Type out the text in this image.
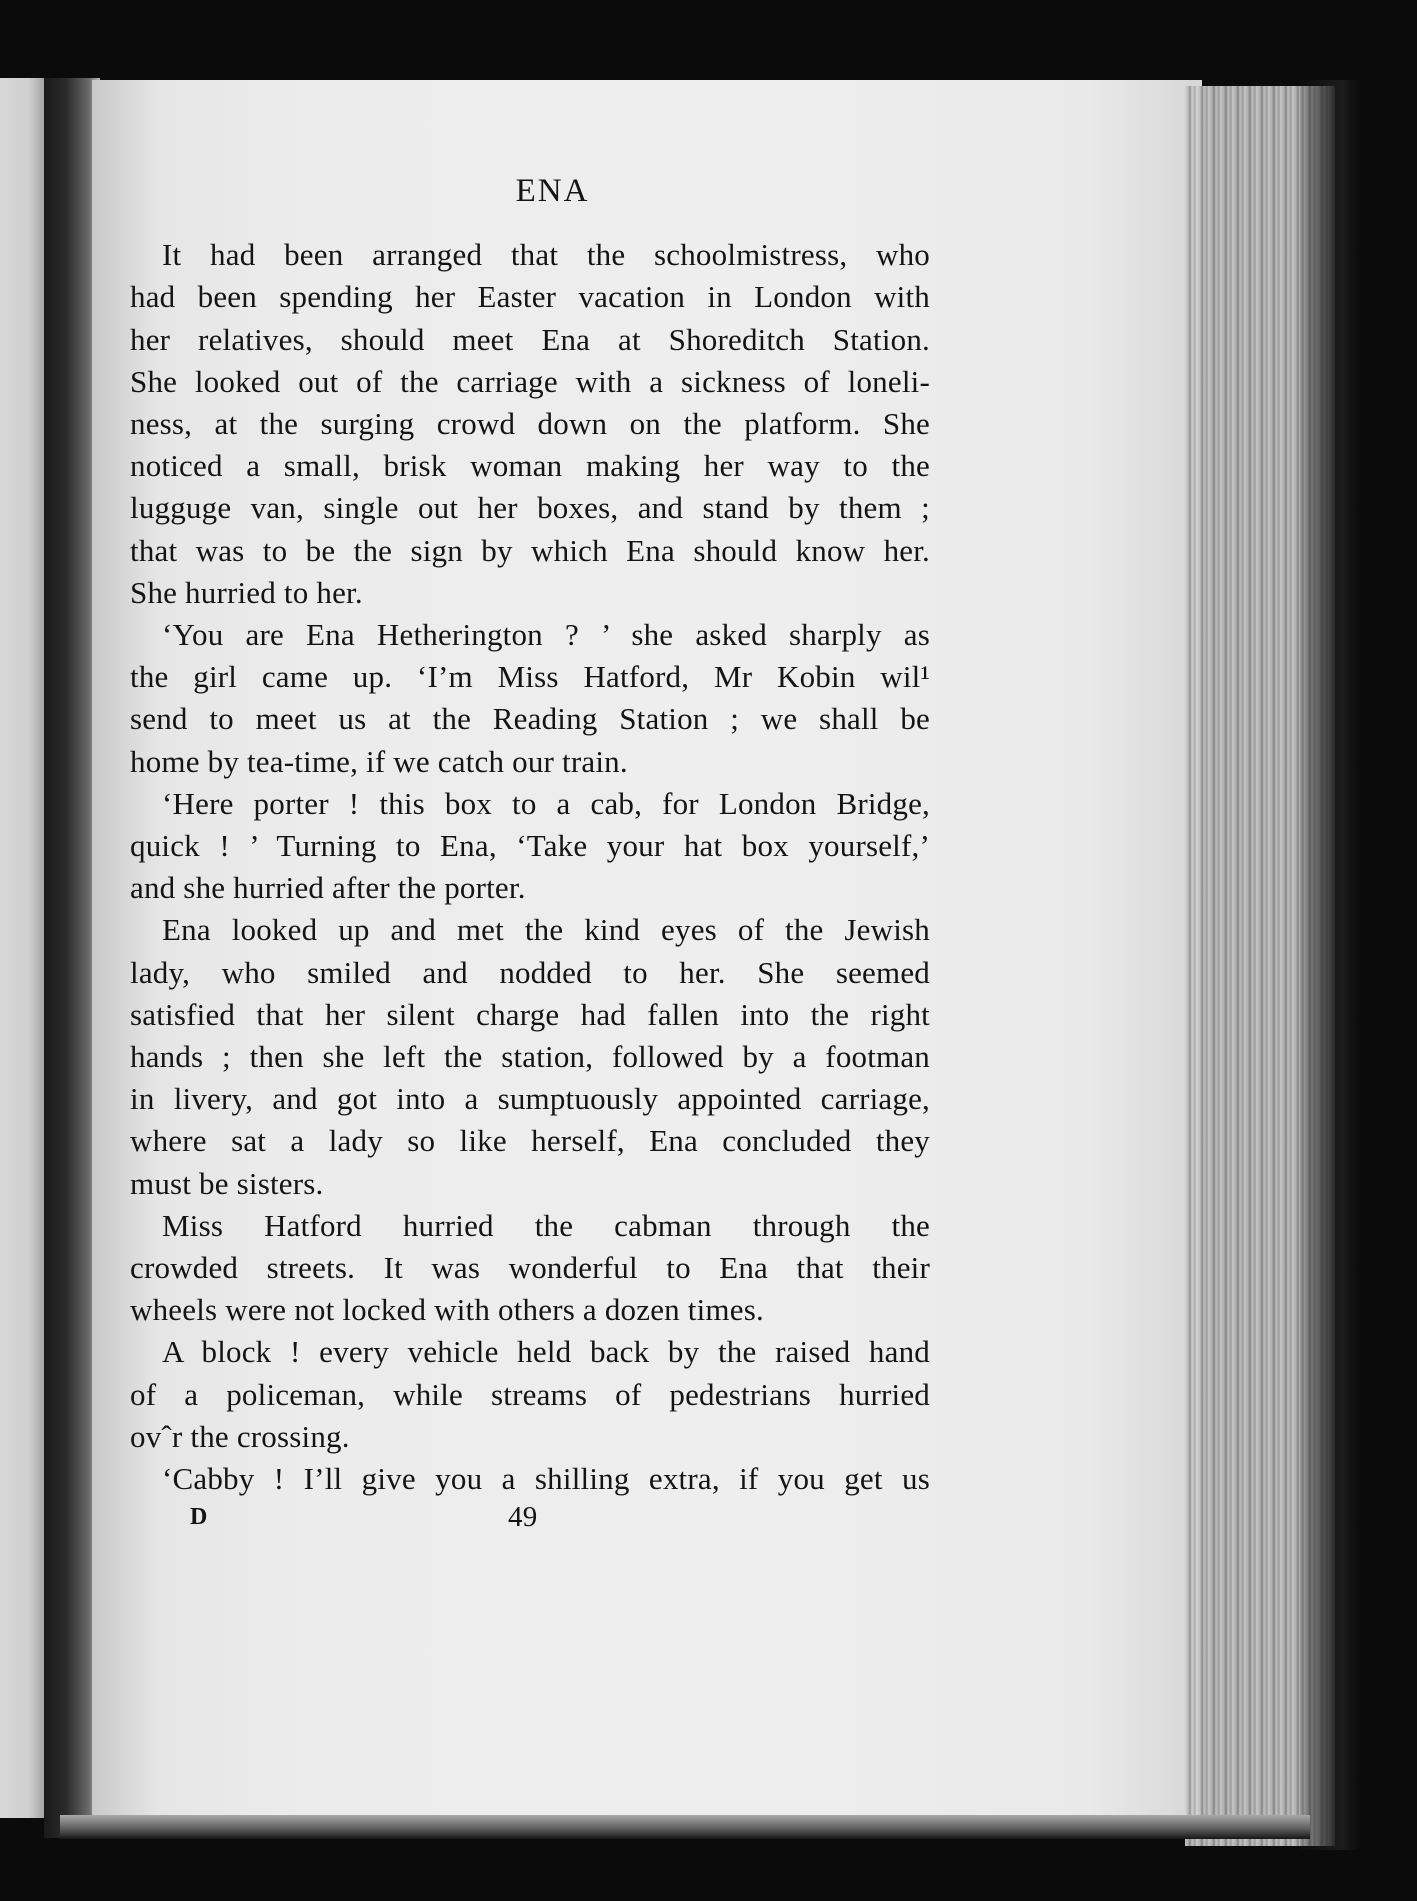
ENA

It had been arranged that the schoolmistress, who
had been spending her Easter vacation in London with
her relatives, should meet Ena at Shoreditch Station.
She looked out of the carriage with a sickness of loneli-
ness, at the surging crowd down on the platform. She
noticed a small, brisk woman making her way to the
lugguge van, single out her boxes, and stand by them ;
that was to be the sign by which Ena should know her.
She hurried to her.

‘You are Ena Hetherington ? ’ she asked sharply as
the girl came up. ‘I’m Miss Hatford, Mr Kobin wil¹
send to meet us at the Reading Station ; we shall be
home by tea-time, if we catch our train.

‘Here porter ! this box to a cab, for London Bridge,
quick ! ’ Turning to Ena, ‘Take your hat box yourself,’
and she hurried after the porter.

Ena looked up and met the kind eyes of the Jewish
lady, who smiled and nodded to her. She seemed
satisfied that her silent charge had fallen into the right
hands ; then she left the station, followed by a footman
in livery, and got into a sumptuously appointed carriage,
where sat a lady so like herself, Ena concluded they
must be sisters.

Miss Hatford hurried the cabman through the
crowded streets. It was wonderful to Ena that their
wheels were not locked with others a dozen times.

A block ! every vehicle held back by the raised hand
of a policeman, while streams of pedestrians hurried
ovˆr the crossing.

‘Cabby ! I’ll give you a shilling extra, if you get us

D	49
